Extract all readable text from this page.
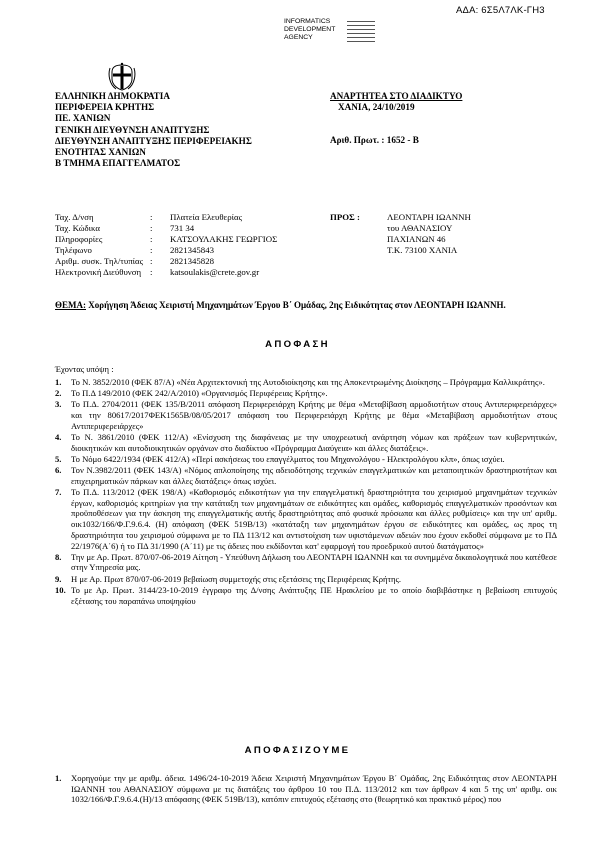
ΑΔΑ: 6Σ5Λ7ΛΚ-ΓΗ3
INFORMATICS
DEVELOPMENT
AGENCY

ΕΛΛΗΝΙΚΗ ΔΗΜΟΚΡΑΤΙΑ
ΠΕΡΙΦΕΡΕΙΑ ΚΡΗΤΗΣ
ΠΕ. ΧΑΝΙΩΝ
ΓΕΝΙΚΗ ΔΙΕΥΘΥΝΣΗ ΑΝΑΠΤΥΞΗΣ
ΔΙΕΥΘΥΝΣΗ ΑΝΑΠΤΥΞΗΣ ΠΕΡΙΦΕΡΕΙΑΚΗΣ
ΕΝΟΤΗΤΑΣ ΧΑΝΙΩΝ
Β ΤΜΗΜΑ ΕΠΑΓΓΕΛΜΑΤΟΣ
ΑΝΑΡΤΗΤΕΑ ΣΤΟ ΔΙΑΔΙΚΤΥΟ
ΧΑΝΙΑ, 24/10/2019
Αριθ. Πρωτ. : 1652 - Β
Ταχ. Δ/νση	:	Πλατεία Ελευθερίας
Ταχ. Κώδικα	:	731 34
Πληροφορίες	:	ΚΑΤΣΟΥΛΑΚΗΣ ΓΕΩΡΓΙΟΣ
Τηλέφωνο	:	2821345843
Αριθμ. συσκ. Τηλ/τυπίας :	2821345828
Ηλεκτρονική Διεύθυνση	:	katsoulakis@crete.gov.gr
ΠΡΟΣ :	ΛΕΟΝΤΑΡΗ ΙΩΑΝΝΗ
του ΑΘΑΝΑΣΙΟΥ
ΠΑΧΙΑΝΩΝ 46
Τ.Κ. 73100 ΧΑΝΙΑ
ΘΕΜΑ: Χορήγηση Άδειας Χειριστή Μηχανημάτων Έργου Β΄ Ομάδας, 2ης Ειδικότητας στον ΛΕΟΝΤΑΡΗ ΙΩΑΝΝΗ.
ΑΠΟΦΑΣΗ
Έχοντας υπόψη :
1.	Το Ν. 3852/2010 (ΦΕΚ 87/Α) «Νέα Αρχιτεκτονική της Αυτοδιοίκησης και της Αποκεντρωμένης Διοίκησης – Πρόγραμμα Καλλικράτης».
2.	Το Π.Δ 149/2010 (ΦΕΚ 242/Α/2010) «Οργανισμός Περιφέρειας Κρήτης».
3.	Το Π.Δ. 2704/2011 (ΦΕΚ 135/Β/2011 απόφαση Περιφερειάρχη Κρήτης με θέμα «Μεταβίβαση αρμοδιοτήτων στους Αντιπεριφερειάρχες» και την 80617/2017ΦΕΚ1565Β/08/05/2017 απόφαση του Περιφερειάρχη Κρήτης με θέμα «Μεταβίβαση αρμοδιοτήτων στους Αντιπεριφερειάρχες»
4.	Το Ν. 3861/2010 (ΦΕΚ 112/Α) «Ενίσχυση της διαφάνειας με την υποχρεωτική ανάρτηση νόμων και πράξεων των κυβερνητικών, διοικητικών και αυτοδιοικητικών οργάνων στο διαδίκτυο «Πρόγραμμα Διαύγεια» και άλλες διατάξεις».
5.	Το Νόμο 6422/1934 (ΦΕΚ 412/Α) «Περί ασκήσεως του επαγγέλματος του Μηχανολόγου - Ηλεκτρολόγου κλπ», όπως ισχύει.
6.	Τον Ν.3982/2011 (ΦΕΚ 143/Α) «Νόμος απλοποίησης της αδειοδότησης τεχνικών επαγγελματικών και μεταποιητικών δραστηριοτήτων και επιχειρηματικών πάρκων και άλλες διατάξεις» όπως ισχύει.
7.	Το Π.Δ. 113/2012 (ΦΕΚ 198/Α) «Καθορισμός ειδικοτήτων για την επαγγελματική δραστηριότητα του χειρισμού μηχανημάτων τεχνικών έργων, καθορισμός κριτηρίων για την κατάταξη των μηχανημάτων σε ειδικότητες και ομάδες, καθορισμός επαγγελματικών προσόντων και προϋποθέσεων για την άσκηση της επαγγελματικής αυτής δραστηριότητας από φυσικά πρόσωπα και άλλες ρυθμίσεις» και την υπ' αριθμ. οικ1032/166/Φ.Γ.9.6.4. (Η) απόφαση (ΦΕΚ 519Β/13) «κατάταξη των μηχανημάτων έργου σε ειδικότητες και ομάδες, ως προς τη δραστηριότητα του χειρισμού σύμφωνα με το ΠΔ 113/12 και αντιστοίχιση των υφιστάμενων αδειών που έχουν εκδοθεί σύμφωνα με το ΠΔ 22/1976(Α΄6) ή το ΠΔ 31/1990 (Α΄11) με τις άδειες που εκδίδονται κατ' εφαρμογή του προεδρικού αυτού διατάγματος»
8.	Την με Αρ. Πρωτ. 870/07-06-2019 Αίτηση - Υπεύθυνη Δήλωση του ΛΕΟΝΤΑΡΗ ΙΩΑΝΝΗ και τα συνημμένα δικαιολογητικά που κατέθεσε στην Υπηρεσία μας.
9.	Η με Αρ. Πρωτ 870/07-06-2019 βεβαίωση συμμετοχής στις εξετάσεις της Περιφέρειας Κρήτης.
10. Το με Αρ. Πρωτ. 3144/23-10-2019 έγγραφο της Δ/νσης Ανάπτυξης ΠΕ Ηρακλείου με το οποίο διαβιβάστηκε η βεβαίωση επιτυχούς εξέτασης του παραπάνω υποψηφίου
ΑΠΟΦΑΣΙΖΟΥΜΕ
1.	Χορηγούμε την με αριθμ. άδεια. 1496/24-10-2019 Άδεια Χειριστή Μηχανημάτων Έργου Β΄ Ομάδας, 2ης Ειδικότητας στον ΛΕΟΝΤΑΡΗ ΙΩΑΝΝΗ του ΑΘΑΝΑΣΙΟΥ σύμφωνα με τις διατάξεις του άρθρου 10 του Π.Δ. 113/2012 και των άρθρων 4 και 5 της υπ' αριθμ. οικ 1032/166/Φ.Γ.9.6.4.(Η)/13 απόφασης (ΦΕΚ 519Β/13), κατόπιν επιτυχούς εξέτασης στο (θεωρητικό και πρακτικό μέρος) που
